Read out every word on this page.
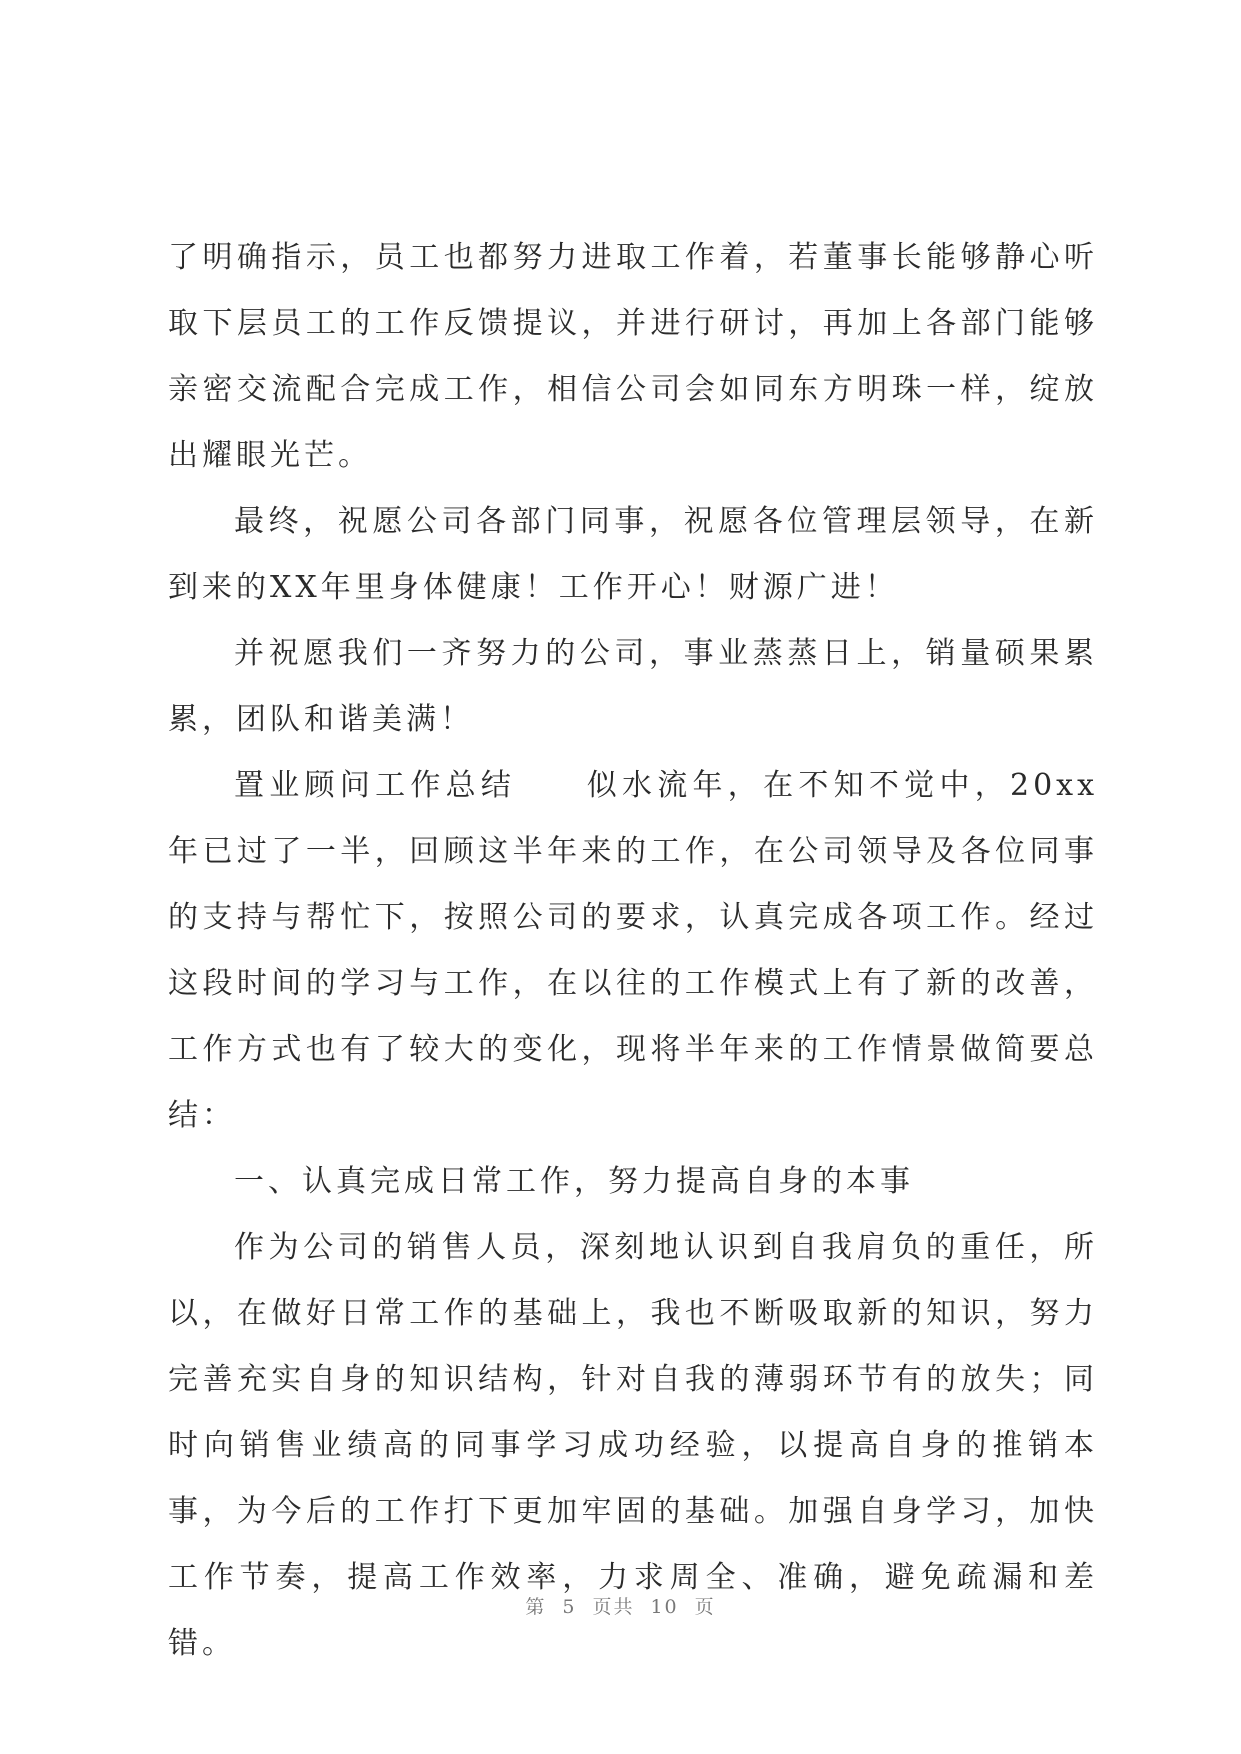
了明确指示，员工也都努力进取工作着，若董事长能够静心听取下层员工的工作反馈提议，并进行研讨，再加上各部门能够亲密交流配合完成工作，相信公司会如同东方明珠一样，绽放出耀眼光芒。

最终，祝愿公司各部门同事，祝愿各位管理层领导，在新到来的XX年里身体健康！工作开心！财源广进！

并祝愿我们一齐努力的公司，事业蒸蒸日上，销量硕果累累，团队和谐美满！

置业顾问工作总结　　似水流年，在不知不觉中，20xx年已过了一半，回顾这半年来的工作，在公司领导及各位同事的支持与帮忙下，按照公司的要求，认真完成各项工作。经过这段时间的学习与工作，在以往的工作模式上有了新的改善，工作方式也有了较大的变化，现将半年来的工作情景做简要总结：

一、认真完成日常工作，努力提高自身的本事

作为公司的销售人员，深刻地认识到自我肩负的重任，所以，在做好日常工作的基础上，我也不断吸取新的知识，努力完善充实自身的知识结构，针对自我的薄弱环节有的放失；同时向销售业绩高的同事学习成功经验，以提高自身的推销本事，为今后的工作打下更加牢固的基础。加强自身学习，加快工作节奏，提高工作效率，力求周全、准确，避免疏漏和差错。

第 5 页共 10 页
